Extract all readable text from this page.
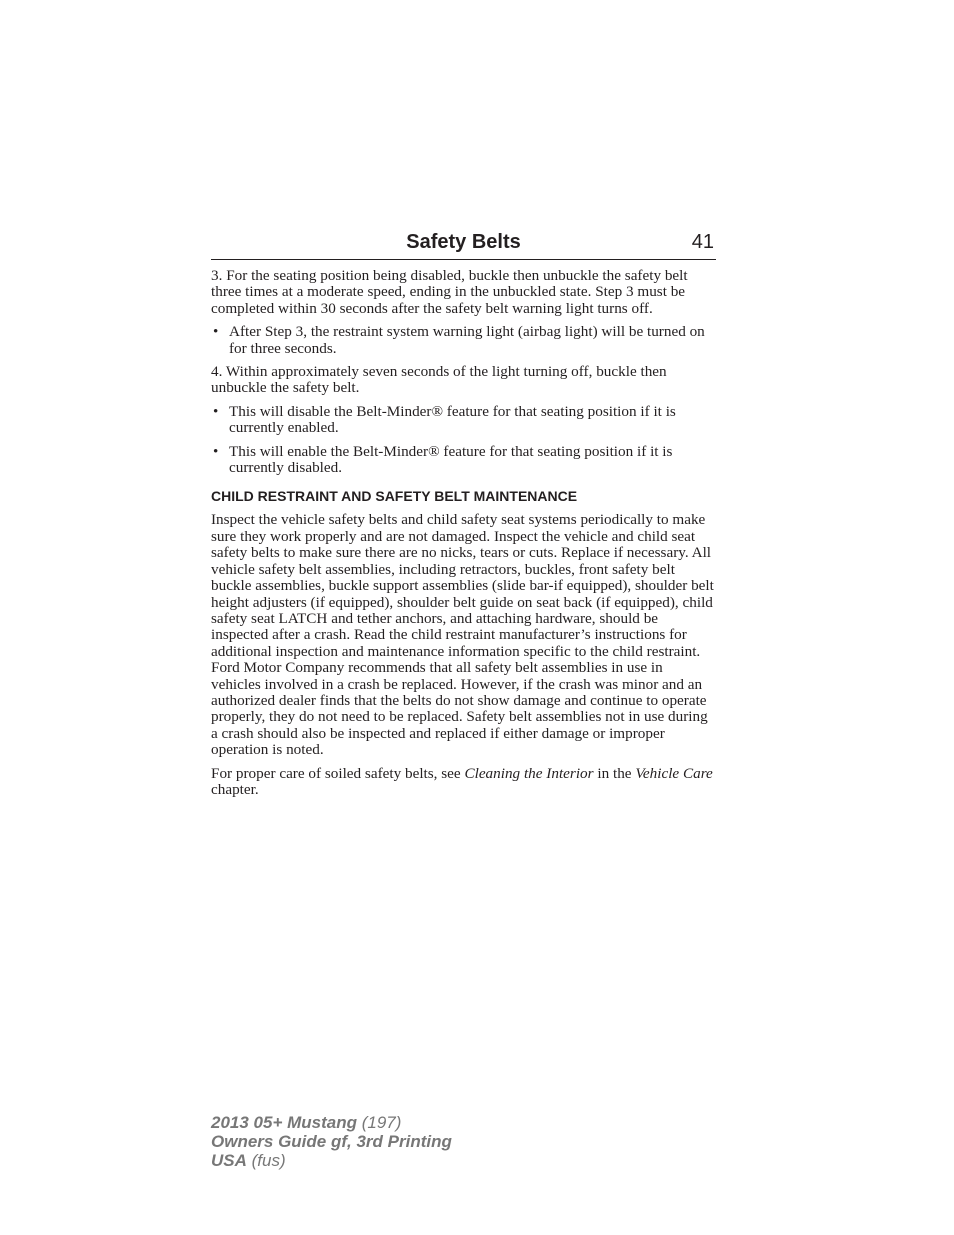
Safety Belts	41

3. For the seating position being disabled, buckle then unbuckle the safety belt three times at a moderate speed, ending in the unbuckled state. Step 3 must be completed within 30 seconds after the safety belt warning light turns off.

• After Step 3, the restraint system warning light (airbag light) will be turned on for three seconds.

4. Within approximately seven seconds of the light turning off, buckle then unbuckle the safety belt.

• This will disable the Belt-Minder® feature for that seating position if it is currently enabled.
• This will enable the Belt-Minder® feature for that seating position if it is currently disabled.
CHILD RESTRAINT AND SAFETY BELT MAINTENANCE

Inspect the vehicle safety belts and child safety seat systems periodically to make sure they work properly and are not damaged. Inspect the vehicle and child seat safety belts to make sure there are no nicks, tears or cuts. Replace if necessary. All vehicle safety belt assemblies, including retractors, buckles, front safety belt buckle assemblies, buckle support assemblies (slide bar-if equipped), shoulder belt height adjusters (if equipped), shoulder belt guide on seat back (if equipped), child safety seat LATCH and tether anchors, and attaching hardware, should be inspected after a crash. Read the child restraint manufacturer’s instructions for additional inspection and maintenance information specific to the child restraint. Ford Motor Company recommends that all safety belt assemblies in use in vehicles involved in a crash be replaced. However, if the crash was minor and an authorized dealer finds that the belts do not show damage and continue to operate properly, they do not need to be replaced. Safety belt assemblies not in use during a crash should also be inspected and replaced if either damage or improper operation is noted.

For proper care of soiled safety belts, see Cleaning the Interior in the Vehicle Care chapter.

2013 05+ Mustang (197)
Owners Guide gf, 3rd Printing
USA (fus)
